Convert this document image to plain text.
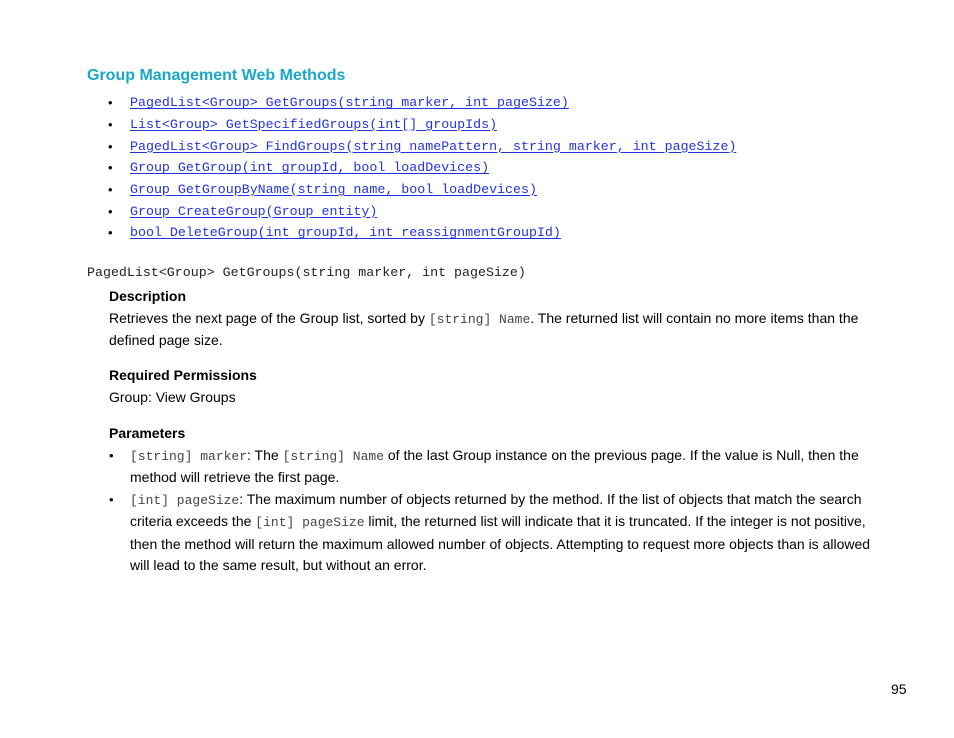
Group Management Web Methods
•	PagedList<Group> GetGroups(string marker, int pageSize)
•	List<Group> GetSpecifiedGroups(int[] groupIds)
•	PagedList<Group> FindGroups(string namePattern, string marker, int pageSize)
•	Group GetGroup(int groupId, bool loadDevices)
•	Group GetGroupByName(string name, bool loadDevices)
•	Group CreateGroup(Group entity)
•	bool DeleteGroup(int groupId, int reassignmentGroupId)
PagedList<Group> GetGroups(string marker, int pageSize)
Description
Retrieves the next page of the Group list, sorted by [string] Name. The returned list will contain no more items than the defined page size.
Required Permissions
Group: View Groups
Parameters
•	[string] marker: The [string] Name of the last Group instance on the previous page. If the value is Null, then the method will retrieve the first page.
•	[int] pageSize: The maximum number of objects returned by the method. If the list of objects that match the search criteria exceeds the [int] pageSize limit, the returned list will indicate that it is truncated. If the integer is not positive, then the method will return the maximum allowed number of objects. Attempting to request more objects than is allowed will lead to the same result, but without an error.
95
